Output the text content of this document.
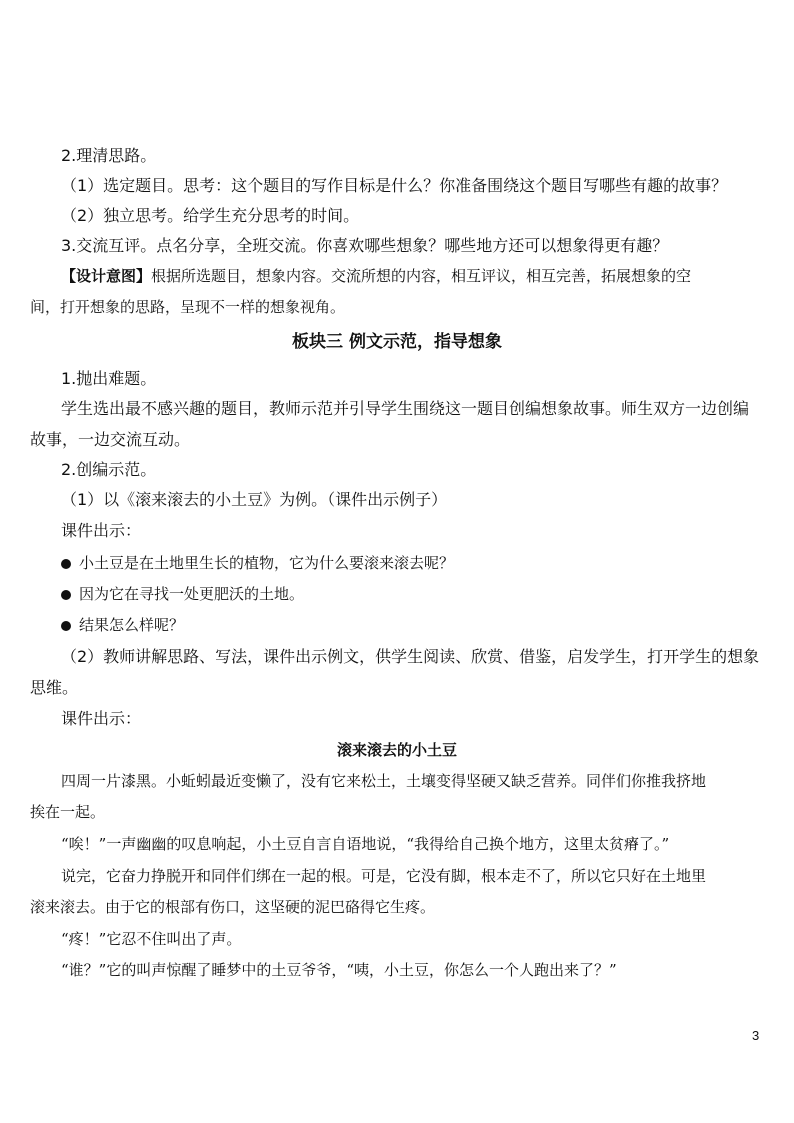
2.理清思路。
（1）选定题目。思考：这个题目的写作目标是什么？你准备围绕这个题目写哪些有趣的故事？
（2）独立思考。给学生充分思考的时间。
3.交流互评。点名分享，全班交流。你喜欢哪些想象？哪些地方还可以想象得更有趣？
【设计意图】根据所选题目，想象内容。交流所想的内容，相互评议，相互完善，拓展想象的空
间，打开想象的思路，呈现不一样的想象视角。
板块三 例文示范，指导想象
1.抛出难题。
学生选出最不感兴趣的题目，教师示范并引导学生围绕这一题目创编想象故事。师生双方一边创编
故事，一边交流互动。
2.创编示范。
（1）以《滚来滚去的小土豆》为例。（课件出示例子）
课件出示：
小土豆是在土地里生长的植物，它为什么要滚来滚去呢？
因为它在寻找一处更肥沃的土地。
结果怎么样呢？
（2）教师讲解思路、写法，课件出示例文，供学生阅读、欣赏、借鉴，启发学生，打开学生的想象
思维。
课件出示：
滚来滚去的小土豆
四周一片漆黑。小蚯蚓最近变懒了，没有它来松土，土壤变得坚硬又缺乏营养。同伴们你推我挤地
挨在一起。
“唉！”一声幽幽的叹息响起，小土豆自言自语地说，“我得给自己换个地方，这里太贫瘠了。”
说完，它奋力挣脱开和同伴们绑在一起的根。可是，它没有脚，根本走不了，所以它只好在土地里
滚来滚去。由于它的根部有伤口，这坚硬的泥巴硌得它生疼。
“疼！”它忍不住叫出了声。
“谁？”它的叫声惊醒了睡梦中的土豆爷爷，“咦，小土豆，你怎么一个人跑出来了？”
3
